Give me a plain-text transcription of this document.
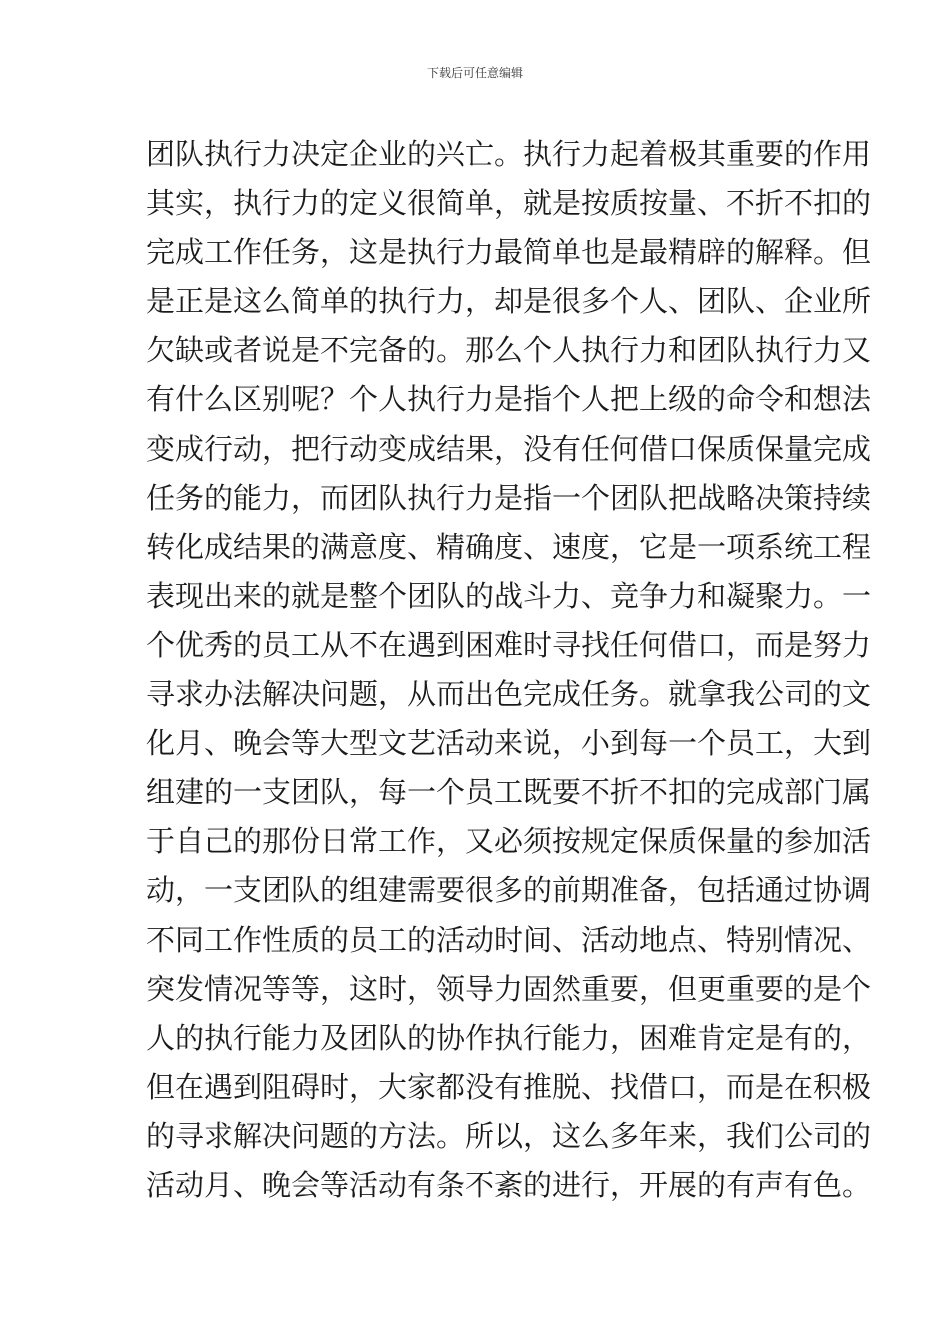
下载后可任意编辑
团队执行力决定企业的兴亡。执行力起着极其重要的作用
其实，执行力的定义很简单，就是按质按量、不折不扣的
完成工作任务，这是执行力最简单也是最精辟的解释。但
是正是这么简单的执行力，却是很多个人、团队、企业所
欠缺或者说是不完备的。那么个人执行力和团队执行力又
有什么区别呢？个人执行力是指个人把上级的命令和想法
变成行动，把行动变成结果，没有任何借口保质保量完成
任务的能力，而团队执行力是指一个团队把战略决策持续
转化成结果的满意度、精确度、速度，它是一项系统工程
表现出来的就是整个团队的战斗力、竞争力和凝聚力。一
个优秀的员工从不在遇到困难时寻找任何借口，而是努力
寻求办法解决问题，从而出色完成任务。就拿我公司的文
化月、晚会等大型文艺活动来说，小到每一个员工，大到
组建的一支团队，每一个员工既要不折不扣的完成部门属
于自己的那份日常工作，又必须按规定保质保量的参加活
动，一支团队的组建需要很多的前期准备，包括通过协调
不同工作性质的员工的活动时间、活动地点、特别情况、
突发情况等等，这时，领导力固然重要，但更重要的是个
人的执行能力及团队的协作执行能力，困难肯定是有的，
但在遇到阻碍时，大家都没有推脱、找借口，而是在积极
的寻求解决问题的方法。所以，这么多年来，我们公司的
活动月、晚会等活动有条不紊的进行，开展的有声有色。
